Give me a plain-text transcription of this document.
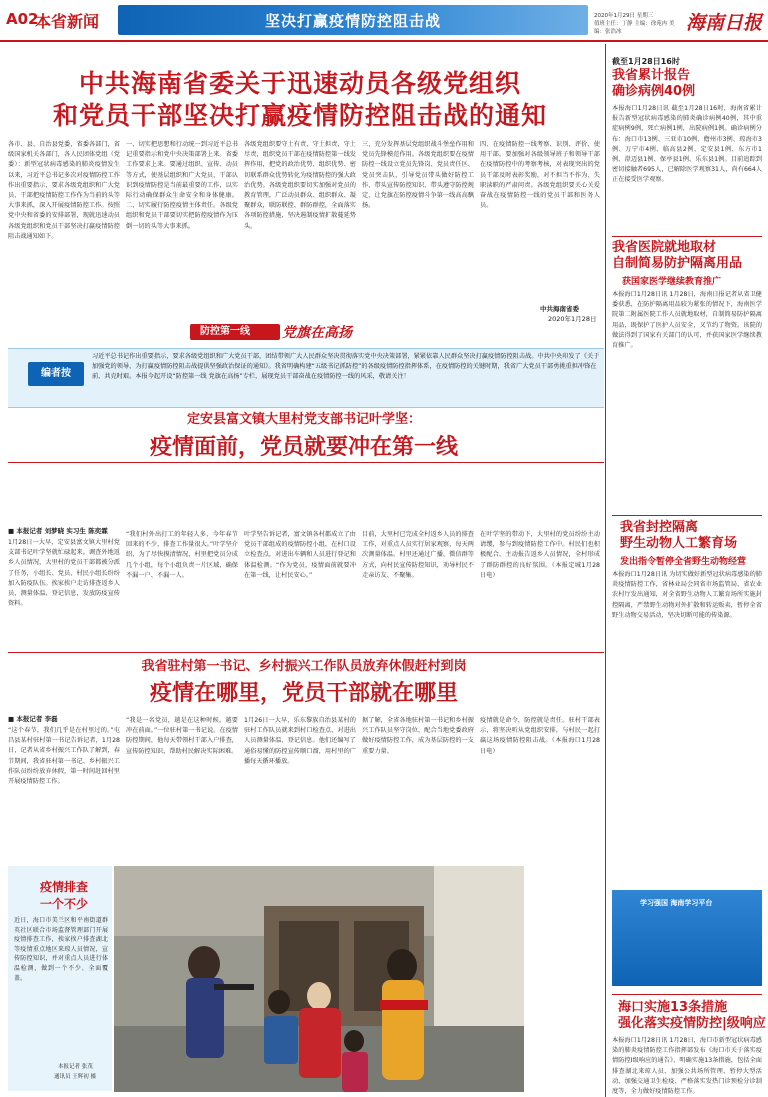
A02
本省新闻	坚决打赢疫情防控阻击战	2020年1月29日 星期三
值班主任：丁静 主编：徐苑冉 美编：张浩冰	海南日报
中共海南省委关于迅速动员各级党组织
和党员干部坚决打赢疫情防控阻击战的通知
各市、县、自治县党委，省委各部门，省级国家机关各部门，各人民团体党组（党委）：新型冠状病毒感染的肺炎疫情发生以来，习近平总书记多次对疫情防控工作作出重要指示，要求各级党组织和广大党员、干部把疫情防控工作作为当前的头等大事来抓，深入开展疫情防控工作。按照党中央和省委的安排部署，现就迅速动员各级党组织和党员干部坚决打赢疫情防控阻击战通知如下。
一、切实把思想和行动统一到习近平总书记重要指示和党中央决策部署上来。省委工作要求上来。要通过组织、宣传、动员等方式，使基层组织和广大党员、干部认识到疫情防控是当前最重要的工作，以实际行动确保群众生命安全和身体健康。二、切实履行防控疫情主体责任。各级党组织和党员干部要切实把防控疫情作为压倒一切的头等大事来抓。
各级党组织要守土有责、守土担责、守土尽责，组织党员干部在疫情防控第一线发挥作用，把党的政治优势、组织优势、密切联系群众优势转化为疫情防控的强大政治优势。各级党组织要切实加强对党员的教育管理，广泛动员群众、组织群众、凝聚群众，联防联控、群防群控，全面落实各项防控措施，坚决遏制疫情扩散蔓延势头。
三、充分发挥基层党组织战斗堡垒作用和党员先锋模范作用。各级党组织要在疫情防控一线设立党员先锋岗、党员责任区、党员突击队，引导党员带头做好防控工作、带头宣传防控知识、带头遵守防控规定，让党旗在防控疫情斗争第一线高高飘扬。
四、在疫情防控一线考察、识别、评价、使用干部。要加强对各级领导班子和领导干部在疫情防控中的考察考核，对表现突出的党员干部及时表彰奖励，对不担当不作为、失职渎职的严肃问责。各级党组织要关心关爱奋战在疫情防控一线的党员干部和医务人员。
中共海南省委
2020年1月28日
防控第一线	党旗在高扬
编者按
习近平总书记作出重要指示，要求各级党组织和广大党员干部，团结带领广大人民群众坚决贯彻落实党中央决策部署，紧紧依靠人民群众坚决打赢疫情防控阻击战。中共中央印发了《关于加强党的领导，为打赢疫情防控阻击战提供坚强政治保证的通知》。我省明确构建“五级书记抓防控”的各级疫情防控指挥体系，在疫情防控的关键时期，我省广大党员干部勇挑重担冲锋在前，共克时艰。本报今起开设“防控第一线 党旗在高扬”专栏，展现党员干部奋战在疫情防控一线的风采，敬请关注！
定安县富文镇大里村党支部书记叶学坚：
疫情面前，党员就要冲在第一线
■ 本报记者 刘梦晓 实习生 陈奕霖
1月28日一大早，定安县富文镇大里村党支部书记叶学坚就忙碌起来。调查外地返乡人员情况，大里村的党员干部都被分派了任务，小组长、党员、村民小组长纷纷加入防疫队伍。挨家挨户走访排查返乡人员，测量体温、登记信息，发放防疫宣传资料。
“我们村外出打工的年轻人多，今年春节回来的不少，排查工作量很大。”叶学坚介绍，为了尽快摸清情况，村里把党员分成几个小组，每个小组负责一片区域，确保不漏一户、不漏一人。
叶学坚告诉记者，富文镇各村都成立了由党员干部组成的疫情防控小组，在村口设立检查点，对进出车辆和人员进行登记和体温检测。“作为党员，疫情面前就要冲在第一线，让村民安心。”
目前，大里村已完成全村返乡人员的排查工作，对重点人员实行居家观察，每天两次测量体温。村里还通过广播、微信群等方式，向村民宣传防控知识，劝导村民不走亲访友、不聚集。
在叶学坚的带动下，大里村的党员纷纷主动请缨，参与到疫情防控工作中。村民们也积极配合，主动报告返乡人员情况，全村形成了群防群控的良好氛围。（本报定城1月28日电）
我省驻村第一书记、乡村振兴工作队员放弃休假赶村到岗
疫情在哪里，党员干部就在哪里
■ 本报记者 李磊
“这个春节，我们几乎是在村里过的。”屯昌县某村驻村第一书记告诉记者，1月28日，记者从省乡村振兴工作队了解到，春节期间，我省驻村第一书记、乡村振兴工作队员纷纷放弃休假，第一时间赶回村里开展疫情防控工作。
“我是一名党员，越是在这种时候，越要冲在前面。”一位驻村第一书记说。在疫情防控期间，他每天带领村干部入户排查，宣传防控知识，帮助村民解决实际困难。
1月26日一大早，乐东黎族自治县某村的驻村工作队员就来到村口检查点，对进出人员测量体温、登记信息。他们还编写了通俗易懂的防控宣传顺口溜，用村里的广播每天循环播放。
据了解，全省各地驻村第一书记和乡村振兴工作队员坚守岗位，配合当地党委政府做好疫情防控工作，成为基层防控的一支重要力量。
疫情就是命令，防控就是责任。驻村干部表示，将坚决听从党组织安排，与村民一起打赢这场疫情防控阻击战。（本报海口1月28日电）
疫情排查
一个不少
近日，海口市美兰区和平南街道群英社区联合市场监督管理部门开展疫情排查工作，挨家挨户排查湖北等疫情重点地区来琼人员情况，宣传防控知识，并对重点人员进行体温检测，做到一个不少、全面覆盖。
本报记者 张茂
通讯员 王辉初 摄
截至1月28日16时
我省累计报告
确诊病例40例
本报海口1月28日讯 截至1月28日16时，海南省累计报告新型冠状病毒感染的肺炎确诊病例40例，其中重症病例9例，死亡病例1例，出院病例1例。确诊病例分布：海口市13例、三亚市10例、儋州市3例、琼海市3例、万宁市4例、临高县2例、定安县1例、东方市1例、澄迈县1例、保亭县1例、乐东县1例。目前追踪到密切接触者695人，已解除医学观察31人，尚有664人正在接受医学观察。
我省医院就地取材
自制简易防护隔离用品
获国家医学继续教育推广
本报海口1月28日讯 1月28日，海南日报记者从省卫健委获悉，在防护隔离用品较为紧张的情况下，海南医学院第二附属医院工作人员就地取材，自制简易防护隔离用品，既保护了医护人员安全，又节约了物资。该院的做法得到了国家有关部门的认可，并获国家医学继续教育推广。
我省封控隔离
野生动物人工繁育场
发出指令暂停全省野生动物经营
本报海口1月28日讯 为切实做好新型冠状病毒感染的肺炎疫情防控工作，省林业局会同省市场监管局、省农业农村厅发出通知，对全省野生动物人工繁育场所实施封控隔离，严禁野生动物对外扩散和转运贩卖，暂停全省野生动物交易活动，坚决切断可能的传染源。
学习强国 海南学习平台
海口实施13条措施
强化落实疫情防控|级响应
本报海口1月28日讯 1月28日，海口市新型冠状病毒感染的肺炎疫情防控工作指挥部发布《海口市关于落实疫情防控Ⅰ级响应的通告》，明确实施13条措施，包括全面排查湖北来琼人员、加强公共场所管理、暂停大型活动、加强交通卫生检疫、严格落实发热门诊预检分诊制度等，全力做好疫情防控工作。
